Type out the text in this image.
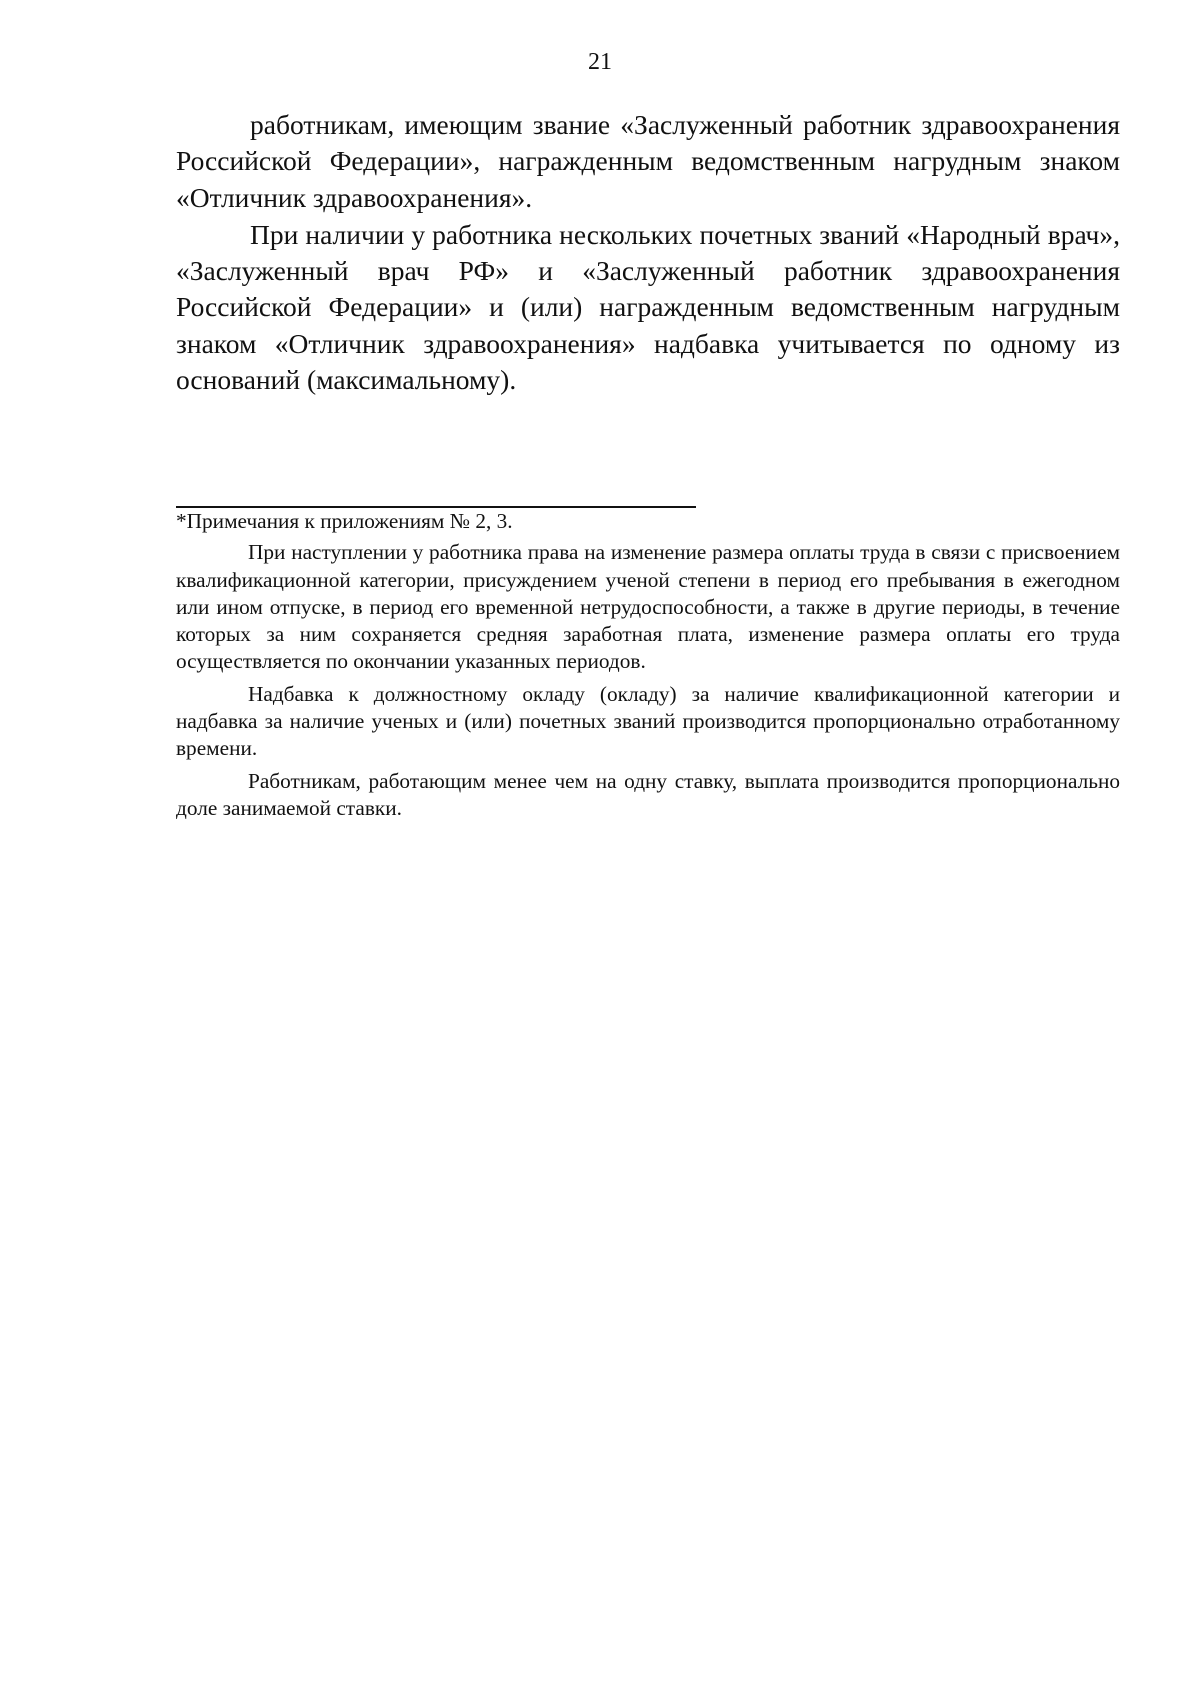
21

работникам, имеющим звание «Заслуженный работник здравоохранения Российской Федерации», награжденным ведомственным нагрудным знаком «Отличник здравоохранения».

При наличии у работника нескольких почетных званий «Народный врач», «Заслуженный врач РФ» и «Заслуженный работник здравоохранения Российской Федерации» и (или) награжденным ведомственным нагрудным знаком «Отличник здравоохранения» надбавка учитывается по одному из оснований (максимальному).

*Примечания к приложениям № 2, 3.

При наступлении у работника права на изменение размера оплаты труда в связи с присвоением квалификационной категории, присуждением ученой степени в период его пребывания в ежегодном или ином отпуске, в период его временной нетрудоспособности, а также в другие периоды, в течение которых за ним сохраняется средняя заработная плата, изменение размера оплаты его труда осуществляется по окончании указанных периодов.

Надбавка к должностному окладу (окладу) за наличие квалификационной категории и надбавка за наличие ученых и (или) почетных званий производится пропорционально отработанному времени.

Работникам, работающим менее чем на одну ставку, выплата производится пропорционально доле занимаемой ставки.
